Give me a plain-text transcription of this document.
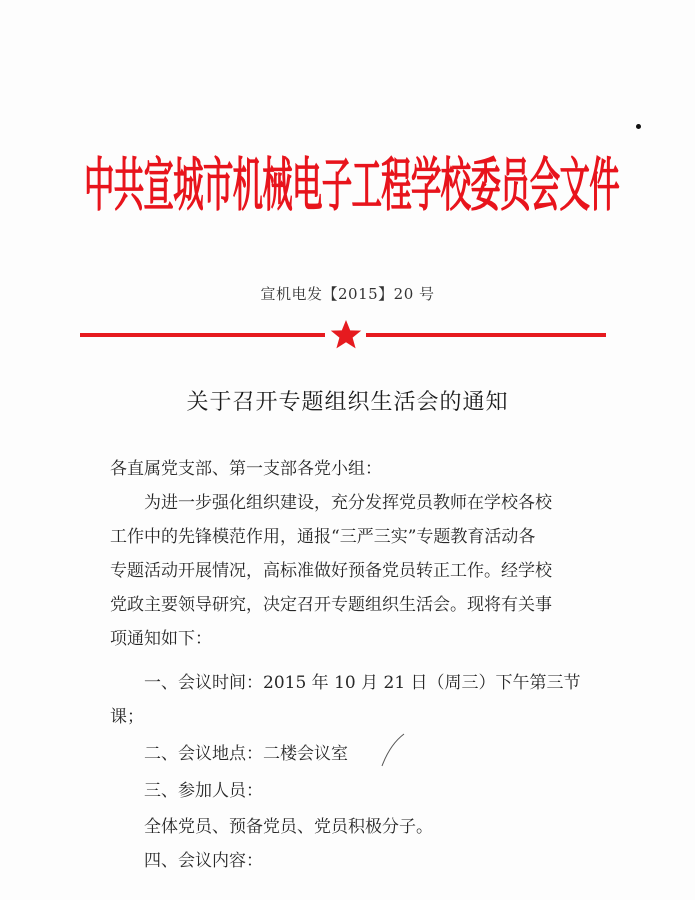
中共宣城市机械电子工程学校委员会文件
宣机电发【2015】20 号
关于召开专题组织生活会的通知

各直属党支部、第一支部各党小组：

为进一步强化组织建设，充分发挥党员教师在学校各校

工作中的先锋模范作用，通报“三严三实”专题教育活动各

专题活动开展情况，高标准做好预备党员转正工作。经学校

党政主要领导研究，决定召开专题组织生活会。现将有关事

项通知如下：

一、会议时间：2015 年 10 月 21 日（周三）下午第三节

课；

二、会议地点：二楼会议室

三、参加人员：

全体党员、预备党员、党员积极分子。

四、会议内容：
